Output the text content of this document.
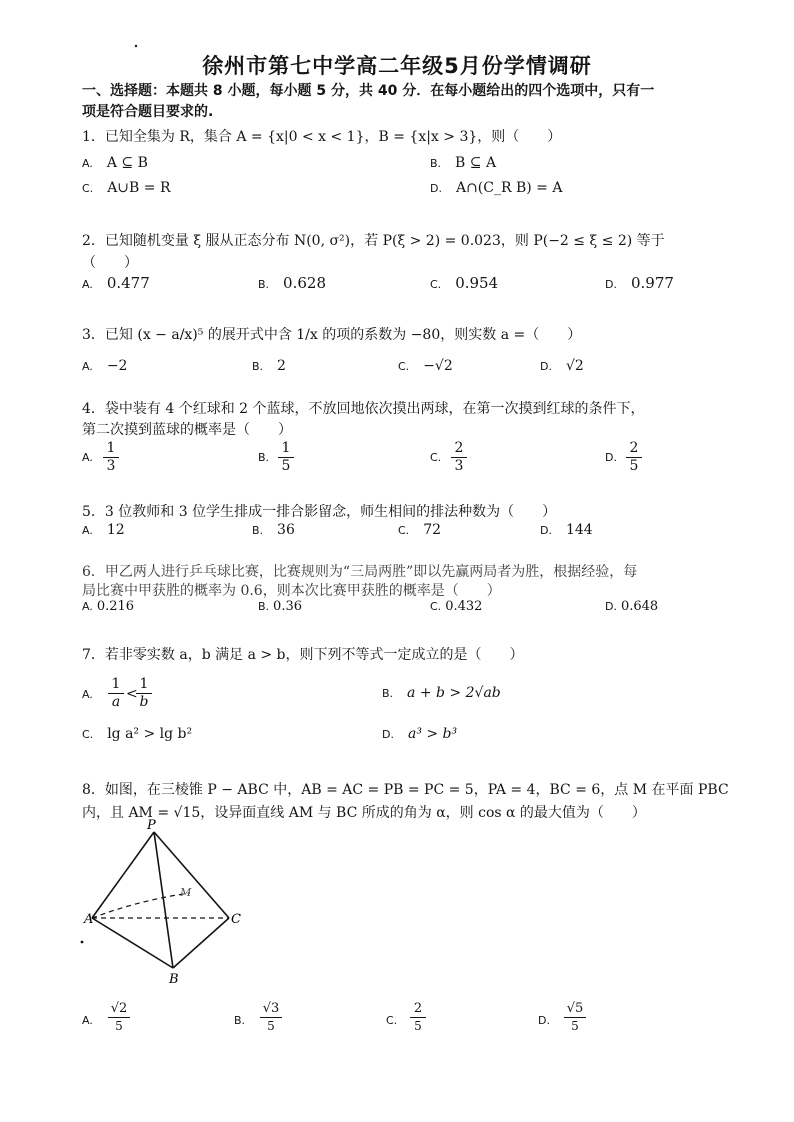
徐州市第七中学高二年级5月份学情调研
一、选择题：本题共 8 小题，每小题 5 分，共 40 分．在每小题给出的四个选项中，只有一
项是符合题目要求的.
1．已知全集为 R，集合 A = {x|0 < x < 1}，B = {x|x > 3}，则（　　）
A. A ⊆ B	B. B ⊆ A
C. A∪B = R	D. A∩(C_R B) = A
2．已知随机变量 ξ 服从正态分布 N(0, σ²)，若 P(ξ > 2) = 0.023，则 P(−2 ≤ ξ ≤ 2) 等于
（　　）
A. 0.477	B. 0.628	C. 0.954	D. 0.977
3．已知 (x − a/x)⁵ 的展开式中含 1/x 的项的系数为 −80，则实数 a =（　　）
A. −2	B. 2	C. −√2	D. √2
4．袋中装有 4 个红球和 2 个蓝球，不放回地依次摸出两球，在第一次摸到红球的条件下，
第二次摸到蓝球的概率是（　　）
A. $\frac{1}{3}$	B. $\frac{1}{5}$	C. $\frac{2}{3}$	D. $\frac{2}{5}$
5．3 位教师和 3 位学生排成一排合影留念，师生相间的排法种数为（　　）
A. 12	B. 36	C. 72	D. 144
6．甲乙两人进行乒乓球比赛，比赛规则为“三局两胜”即以先赢两局者为胜，根据经验，每
局比赛中甲获胜的概率为 0.6，则本次比赛甲获胜的概率是（　　）
A. 0.216	B. 0.36	C. 0.432	D. 0.648
7．若非零实数 a，b 满足 a > b，则下列不等式一定成立的是（　　）
A. $\frac{1}{a}$ <
$\frac{1}{b}$	B. a + b > 2√ab
C. lg a² > lg b²	D. a³ > b³
8．如图，在三棱锥 P − ABC 中，AB = AC = PB = PC = 5，PA = 4，BC = 6，点 M 在平面 PBC
内，且 AM = √15，设异面直线 AM 与 BC 所成的角为 α，则 cos α 的最大值为（　　）
P
A	C
B
M
A. $\frac{√2}{5}$	B. $\frac{√3}{5}$	C. $\frac{2}{5}$	D. $\frac{√5}{5}$
